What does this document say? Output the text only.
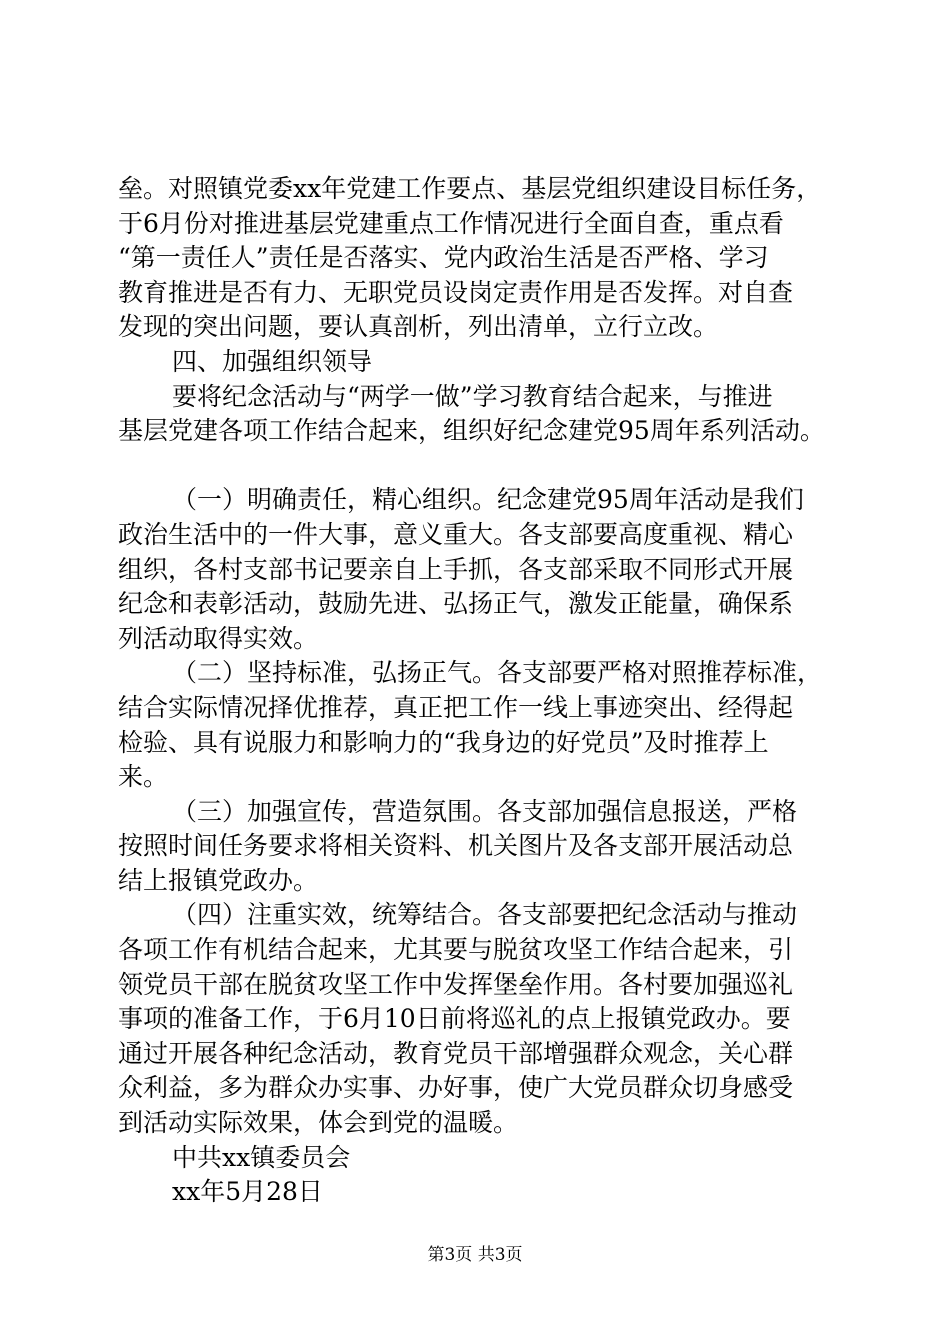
垒。对照镇党委xx年党建工作要点、基层党组织建设目标任务，
于6月份对推进基层党建重点工作情况进行全面自查，重点看
“第一责任人”责任是否落实、党内政治生活是否严格、学习
教育推进是否有力、无职党员设岗定责作用是否发挥。对自查
发现的突出问题，要认真剖析，列出清单，立行立改。
四、加强组织领导
要将纪念活动与“两学一做”学习教育结合起来，与推进
基层党建各项工作结合起来，组织好纪念建党95周年系列活动。
（一）明确责任，精心组织。纪念建党95周年活动是我们
政治生活中的一件大事，意义重大。各支部要高度重视、精心
组织，各村支部书记要亲自上手抓，各支部采取不同形式开展
纪念和表彰活动，鼓励先进、弘扬正气，激发正能量，确保系
列活动取得实效。
（二）坚持标准，弘扬正气。各支部要严格对照推荐标准，
结合实际情况择优推荐，真正把工作一线上事迹突出、经得起
检验、具有说服力和影响力的“我身边的好党员”及时推荐上
来。
（三）加强宣传，营造氛围。各支部加强信息报送，严格
按照时间任务要求将相关资料、机关图片及各支部开展活动总
结上报镇党政办。
（四）注重实效，统筹结合。各支部要把纪念活动与推动
各项工作有机结合起来，尤其要与脱贫攻坚工作结合起来，引
领党员干部在脱贫攻坚工作中发挥堡垒作用。各村要加强巡礼
事项的准备工作，于6月10日前将巡礼的点上报镇党政办。要
通过开展各种纪念活动，教育党员干部增强群众观念，关心群
众利益，多为群众办实事、办好事，使广大党员群众切身感受
到活动实际效果，体会到党的温暖。
中共xx镇委员会
xx年5月28日
第3页 共3页
